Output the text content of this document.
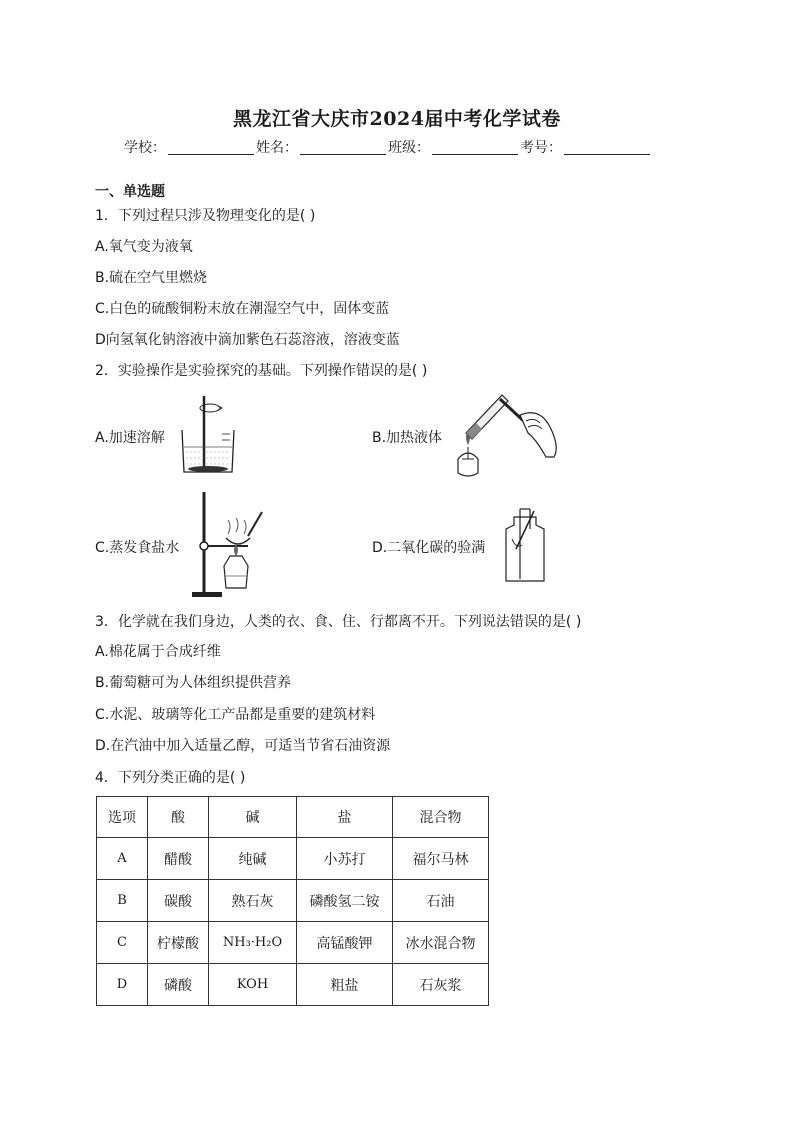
黑龙江省大庆市2024届中考化学试卷
学校：	姓名：	班级：	考号：
一、单选题
1．下列过程只涉及物理变化的是( )
A.氧气变为液氧
B.硫在空气里燃烧
C.白色的硫酸铜粉末放在潮湿空气中，固体变蓝
D向氢氧化钠溶液中滴加紫色石蕊溶液，溶液变蓝
2．实验操作是实验探究的基础。下列操作错误的是( )
A.加速溶解	B.加热液体
C.蒸发食盐水	D.二氧化碳的验满
3．化学就在我们身边，人类的衣、食、住、行都离不开。下列说法错误的是( )
A.棉花属于合成纤维
B.葡萄糖可为人体组织提供营养
C.水泥、玻璃等化工产品都是重要的建筑材料
D.在汽油中加入适量乙醇，可适当节省石油资源
4．下列分类正确的是( )
选项	酸	碱	盐	混合物
A	醋酸	纯碱	小苏打	福尔马林
B	碳酸	熟石灰	磷酸氢二铵	石油
C	柠檬酸	NH₃·H₂O	高锰酸钾	冰水混合物
D	磷酸	KOH	粗盐	石灰浆
